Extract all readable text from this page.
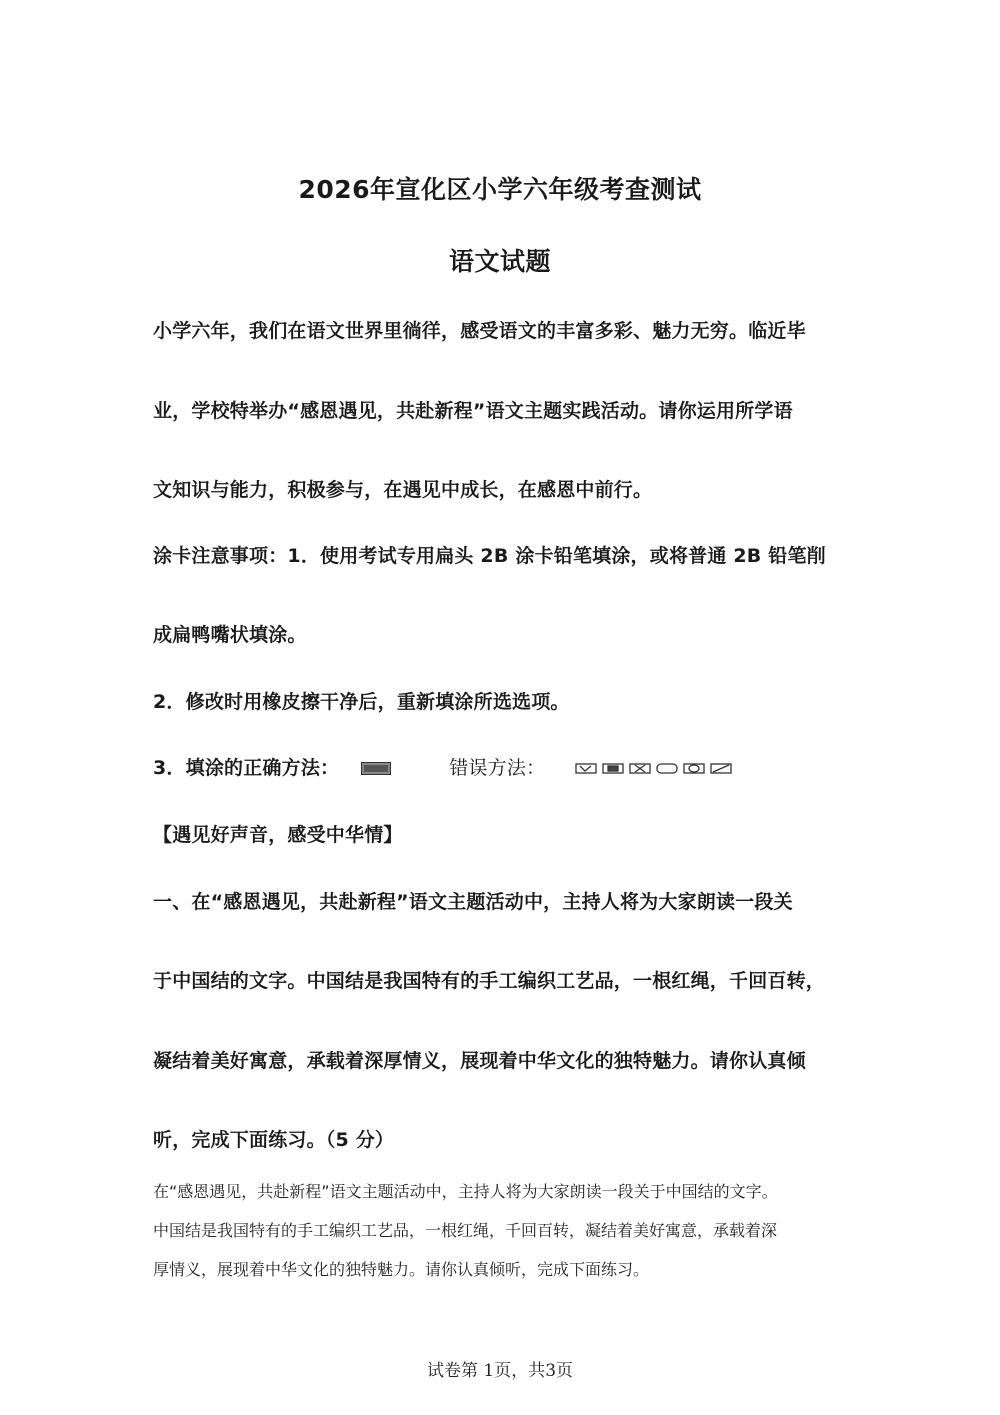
2026年宣化区小学六年级考查测试
语文试题
小学六年，我们在语文世界里徜徉，感受语文的丰富多彩、魅力无穷。临近毕
业，学校特举办“感恩遇见，共赴新程”语文主题实践活动。请你运用所学语
文知识与能力，积极参与，在遇见中成长，在感恩中前行。
涂卡注意事项：1．使用考试专用扁头 2B 涂卡铅笔填涂，或将普通 2B 铅笔削
成扁鸭嘴状填涂。
2．修改时用橡皮擦干净后，重新填涂所选选项。
3．填涂的正确方法：	错误方法：
【遇见好声音，感受中华情】
一、在“感恩遇见，共赴新程”语文主题活动中，主持人将为大家朗读一段关
于中国结的文字。中国结是我国特有的手工编织工艺品，一根红绳，千回百转，
凝结着美好寓意，承载着深厚情义，展现着中华文化的独特魅力。请你认真倾
听，完成下面练习。（5 分）
在“感恩遇见，共赴新程”语文主题活动中，主持人将为大家朗读一段关于中国结的文字。
中国结是我国特有的手工编织工艺品，一根红绳，千回百转，凝结着美好寓意，承载着深
厚情义，展现着中华文化的独特魅力。请你认真倾听，完成下面练习。
试卷第 1页，共3页
